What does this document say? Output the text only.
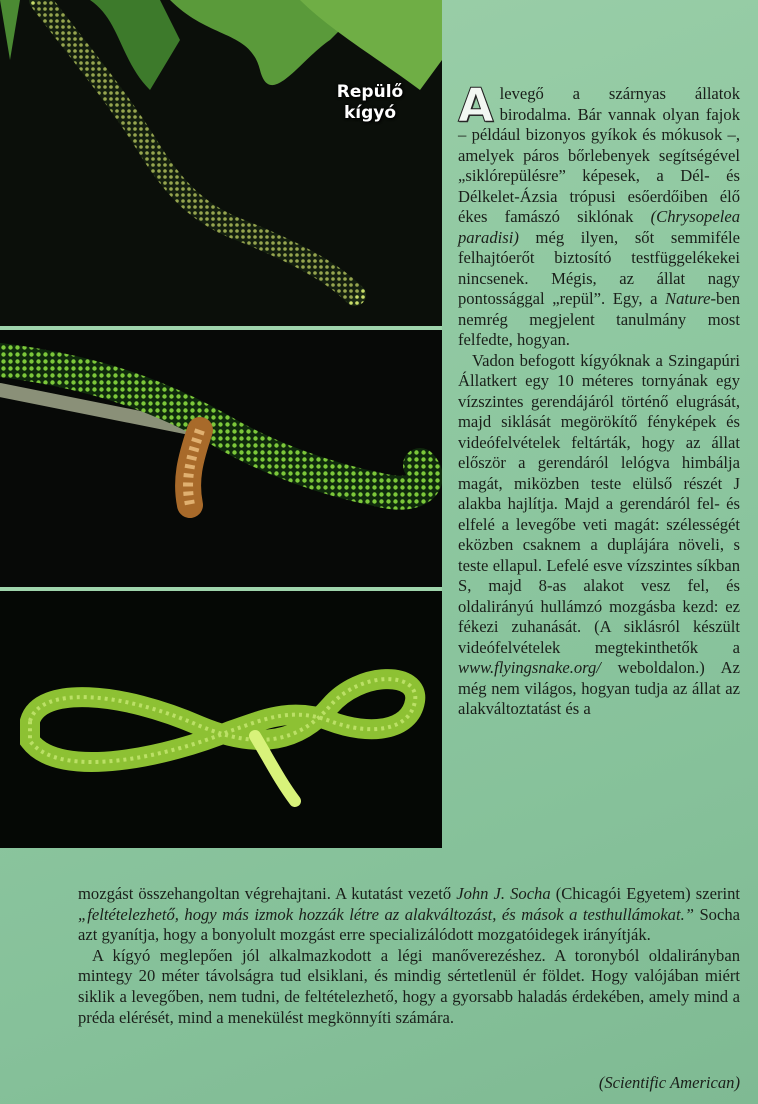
Repülő kígyó	A levegő a szárnyas állatok birodalma. Bár vannak olyan fajok – például bizonyos gyíkok és mókusok –, amelyek páros bőrlebenyek segítségével „siklórepülésre” képesek, a Dél- és Délkelet-Ázsia trópusi esőerdőiben élő ékes famászó siklónak (Chrysopelea paradisi) még ilyen, sőt semmiféle felhajtóerőt biztosító testfüggelékekei nincsenek. Mégis, az állat nagy pontossággal „repül”. Egy, a Nature-ben nemrég megjelent tanulmány most felfedte, hogyan.

Vadon befogott kígyóknak a Szingapúri Állatkert egy 10 méteres tornyának egy vízszintes gerendájáról történő elugrását, majd siklását megörökítő fényképek és videófelvételek feltárták, hogy az állat először a gerendáról lelógva himbálja magát, miközben teste elülső részét J alakba hajlítja. Majd a gerendáról fel- és elfelé a levegőbe veti magát: szélességét eközben csaknem a duplájára növeli, s teste ellapul. Lefelé esve vízszintes síkban S, majd 8-as alakot vesz fel, és oldalirányú hullámzó mozgásba kezd: ez fékezi zuhanását. (A siklásról készült videófelvételek megtekinthetők a www.flyingsnake.org/ weboldalon.) Az még nem világos, hogyan tudja az állat az alakváltoztatást és a

mozgást összehangoltan végrehajtani. A kutatást vezető John J. Socha (Chicagói Egyetem) szerint „feltételezhető, hogy más izmok hozzák létre az alakváltozást, és mások a testhullámokat.” Socha azt gyanítja, hogy a bonyolult mozgást erre specializálódott mozgatóidegek irányítják.

A kígyó meglepően jól alkalmazkodott a légi manőverezéshez. A toronyból oldalirányban mintegy 20 méter távolságra tud elsiklani, és mindig sértetlenül ér földet. Hogy valójában miért siklik a levegőben, nem tudni, de feltételezhető, hogy a gyorsabb haladás érdekében, amely mind a préda elérését, mind a menekülést megkönnyíti számára.

(Scientific American)
